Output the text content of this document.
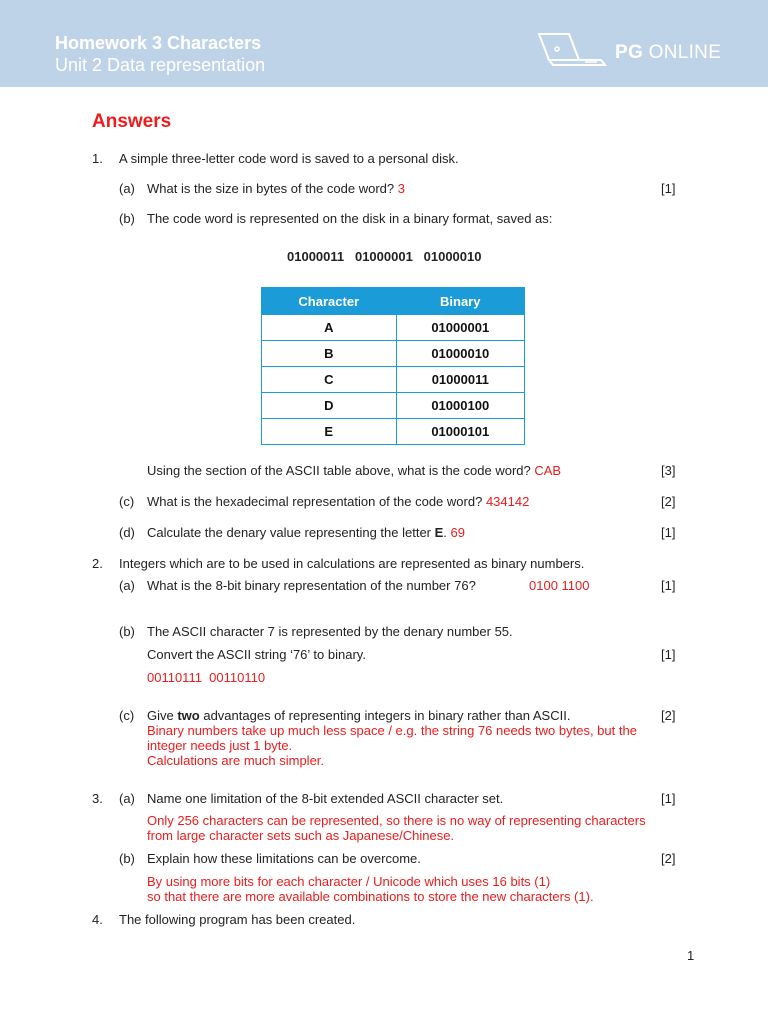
Homework 3 Characters
Unit 2 Data representation
PG ONLINE
Answers
1. A simple three-letter code word is saved to a personal disk.
(a) What is the size in bytes of the code word? 3	[1]
(b) The code word is represented on the disk in a binary format, saved as:
01000011   01000001   01000010
Character	Binary
A	01000001
B	01000010
C	01000011
D	01000100
E	01000101
Using the section of the ASCII table above, what is the code word? CAB	[3]
(c) What is the hexadecimal representation of the code word? 434142	[2]
(d) Calculate the denary value representing the letter E. 69	[1]
2. Integers which are to be used in calculations are represented as binary numbers.
(a) What is the 8-bit binary representation of the number 76?	0100 1100	[1]
(b) The ASCII character 7 is represented by the denary number 55.
Convert the ASCII string ‘76’ to binary.	[1]
00110111  00110110
(c) Give two advantages of representing integers in binary rather than ASCII.	[2]
Binary numbers take up much less space / e.g. the string 76 needs two bytes, but the
integer needs just 1 byte.
Calculations are much simpler.
3. (a) Name one limitation of the 8-bit extended ASCII character set.	[1]
Only 256 characters can be represented, so there is no way of representing characters
from large character sets such as Japanese/Chinese.
(b) Explain how these limitations can be overcome.	[2]
By using more bits for each character / Unicode which uses 16 bits (1)
so that there are more available combinations to store the new characters (1).
4. The following program has been created.
1
